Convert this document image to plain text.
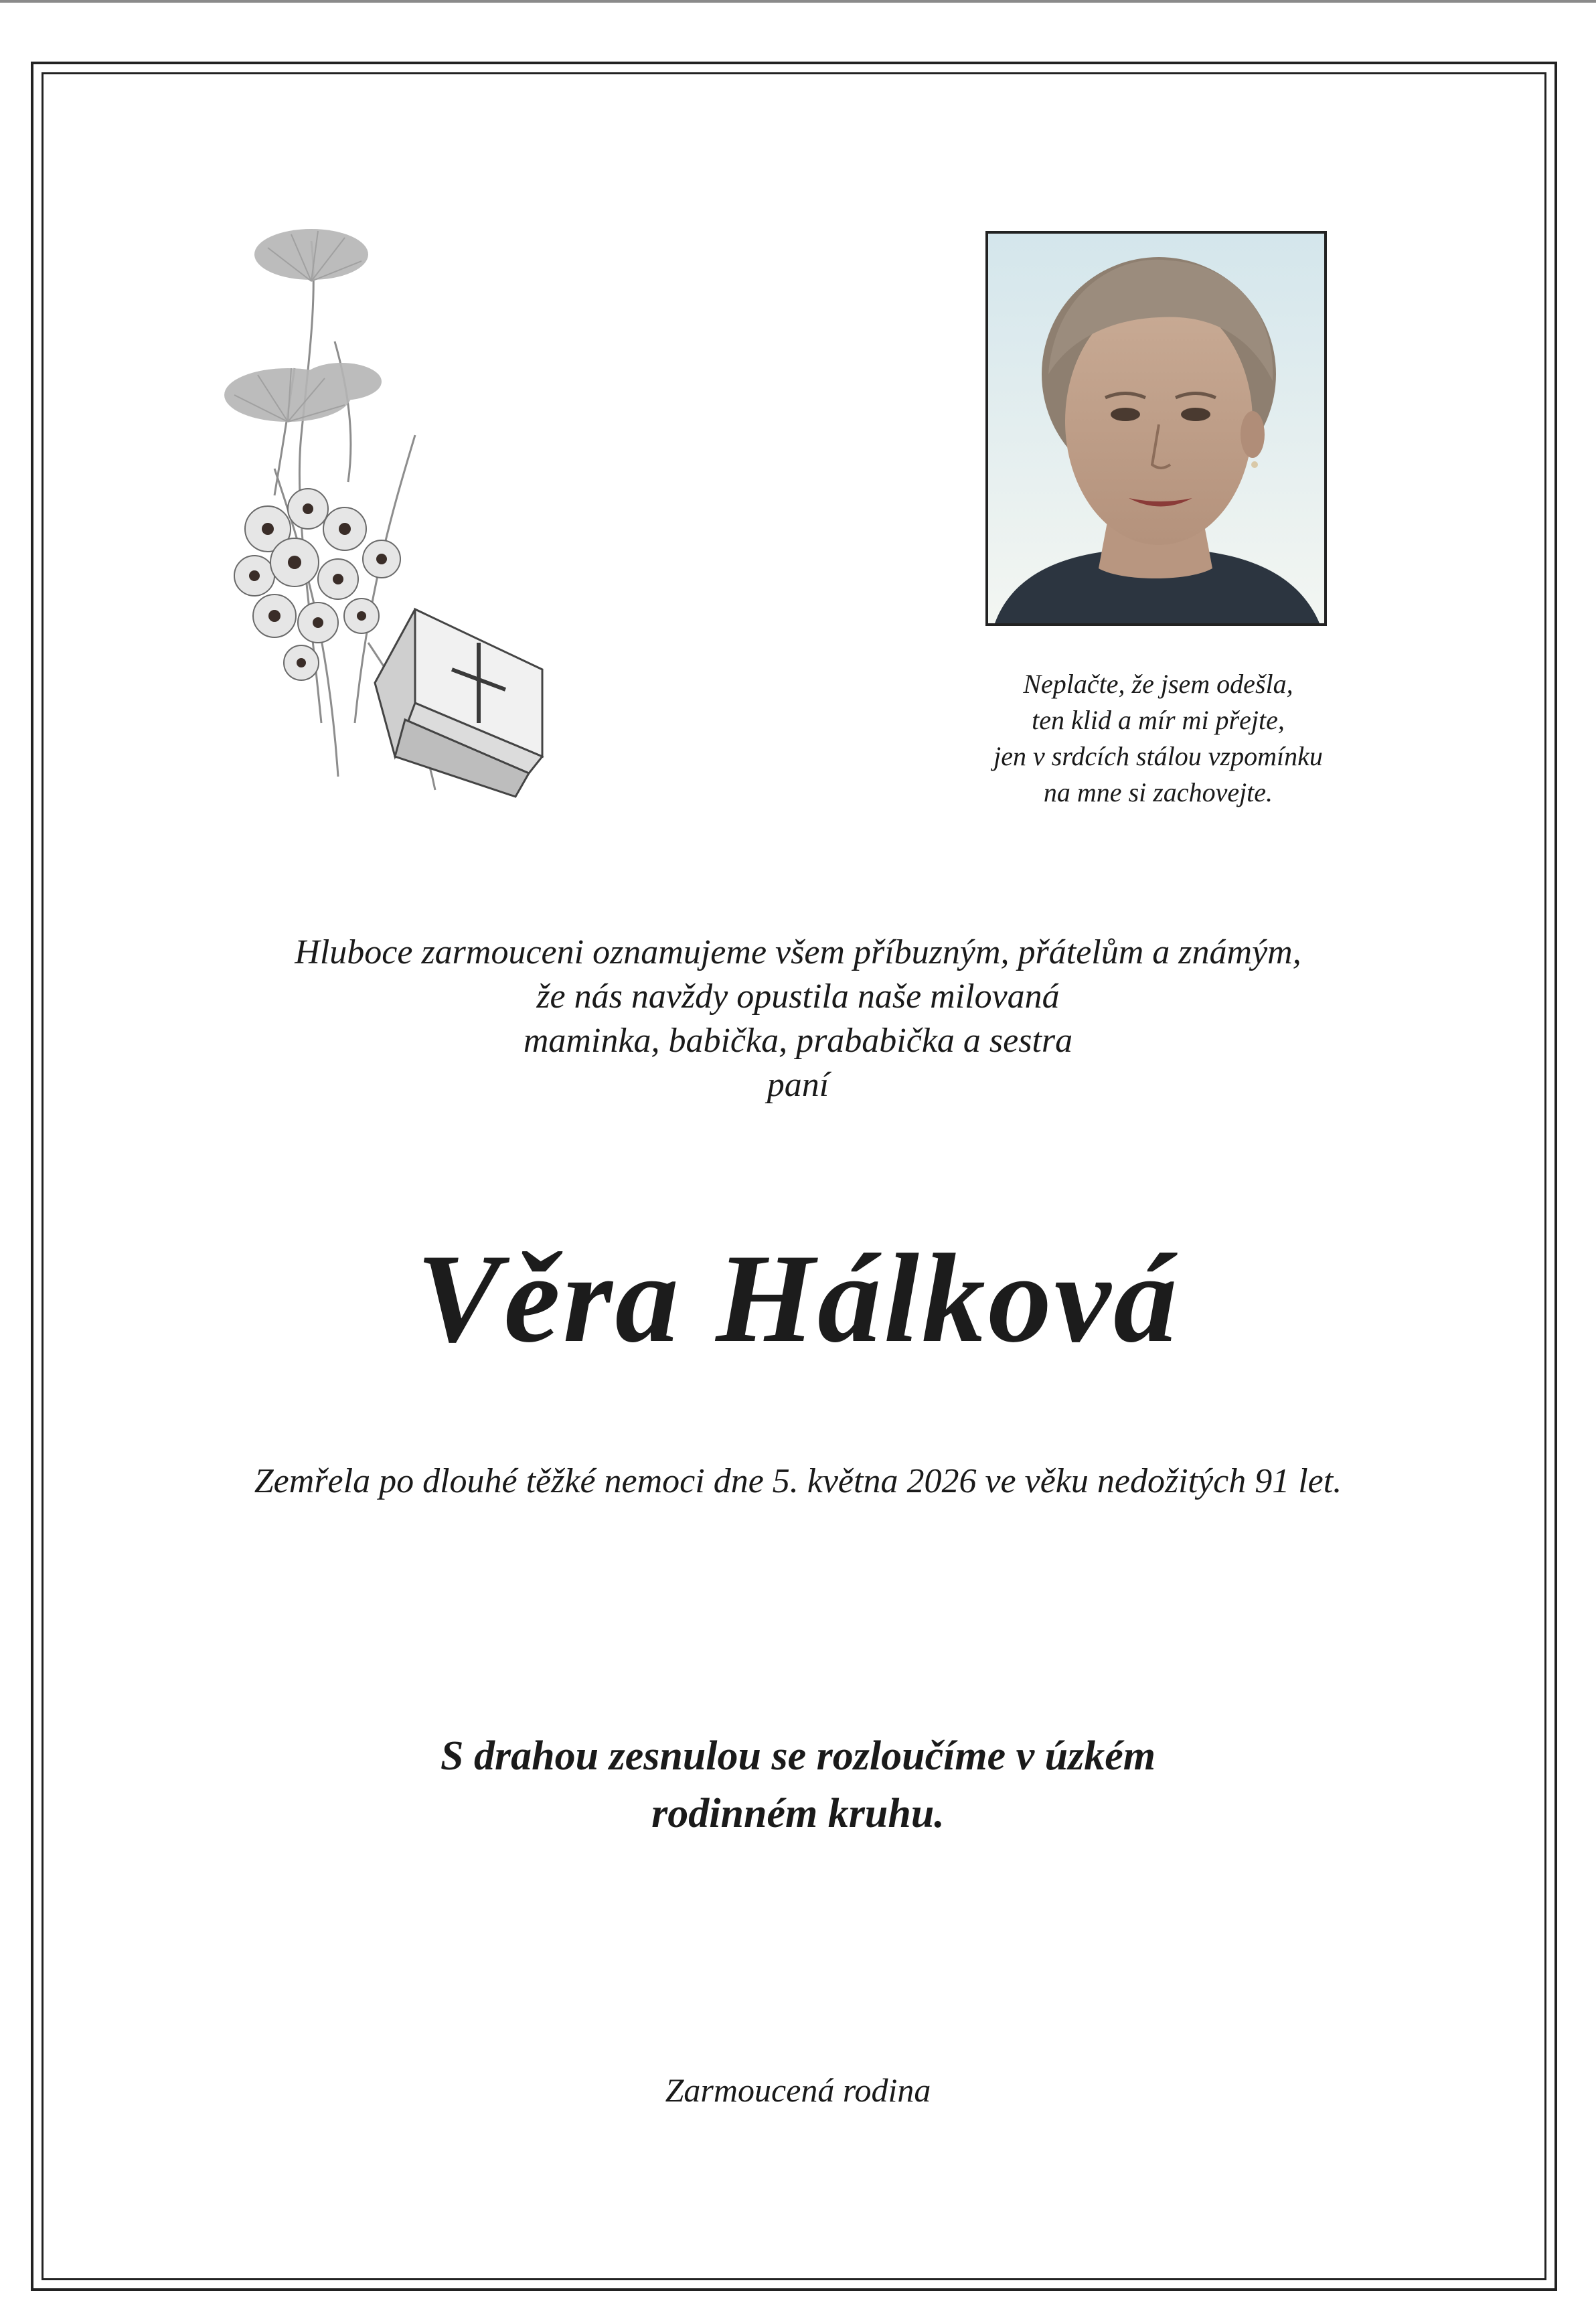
Neplačte, že jsem odešla,
ten klid a mír mi přejte,
jen v srdcích stálou vzpomínku
na mne si zachovejte.
Hluboce zarmouceni oznamujeme všem příbuzným, přátelům a známým,
že nás navždy opustila naše milovaná
maminka, babička, prababička a sestra
paní
Věra Hálková
Zemřela po dlouhé těžké nemoci dne 5. května 2026 ve věku nedožitých 91 let.
S drahou zesnulou se rozloučíme v úzkém
rodinném kruhu.
Zarmoucená rodina
